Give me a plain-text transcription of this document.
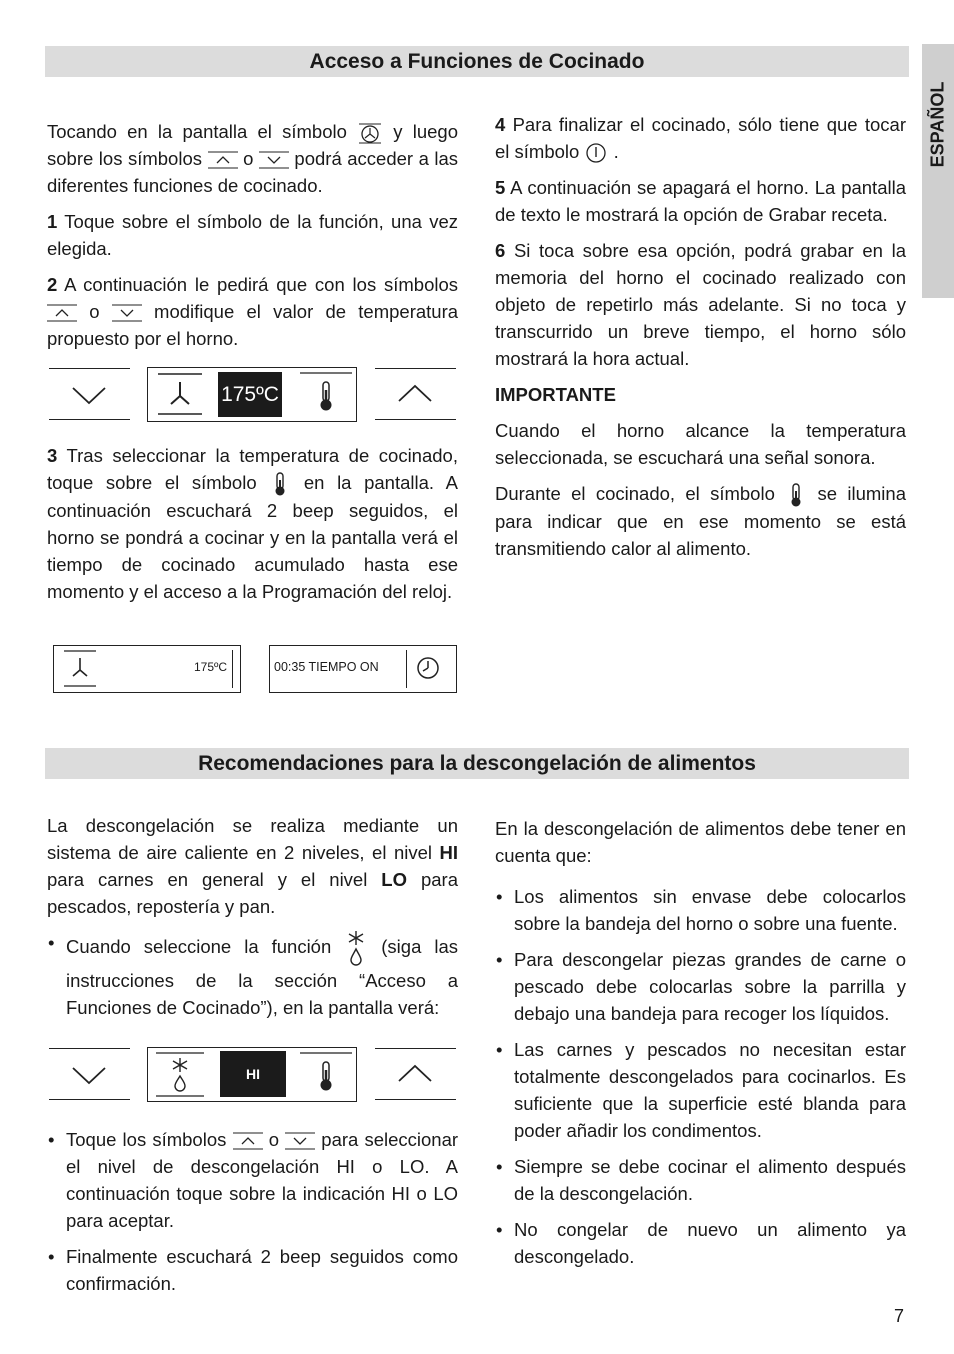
ESPAÑOL
Acceso a Funciones de Cocinado

Tocando en la pantalla el símbolo	y luego sobre los símbolos o podrá acceder a las diferentes funciones de cocinado.

1 Toque sobre el símbolo de la función, una vez elegida.

2 A continuación le pedirá que con los símbolos  o	modifique el valor de temperatura propuesto por el horno.

175ºC

3 Tras seleccionar la temperatura de cocinado, toque sobre el símbolo	en la pantalla. A continuación escuchará 2 beep seguidos, el horno se pondrá a cocinar y en la pantalla verá el tiempo de cocinado acumulado hasta ese momento y el acceso a la Programación del reloj.

175ºC	00:35 TIEMPO ON

4 Para finalizar el cocinado, sólo tiene que tocar el símbolo .

5 A continuación se apagará el horno. La pantalla de texto le mostrará la opción de Grabar receta.

6 Si toca sobre esa opción, podrá grabar en la memoria del horno el cocinado realizado con objeto de repetirlo más adelante. Si no toca y transcurrido un breve tiempo, el horno sólo mostrará la hora actual.

IMPORTANTE

Cuando el horno alcance la temperatura seleccionada, se escuchará una señal sonora.

Durante el cocinado, el símbolo se ilumina para indicar que en ese momento se está transmitiendo calor al alimento.

Recomendaciones para la descongelación de alimentos

La descongelación se realiza mediante un sistema de aire caliente en 2 niveles, el nivel HI para carnes en general y el nivel LO para pescados, repostería y pan.

• Cuando seleccione la función	(siga las instrucciones de la sección “Acceso a Funciones de Cocinado”), en la pantalla verá:
HI
• Toque los símbolos o para seleccionar el nivel de descongelación HI o LO. A continuación toque sobre la indicación HI o LO para aceptar.
• Finalmente escuchará 2 beep seguidos como confirmación.

En la descongelación de alimentos debe tener en cuenta que:

• Los alimentos sin envase debe colocarlos sobre la bandeja del horno o sobre una fuente.
• Para descongelar piezas grandes de carne o pescado debe colocarlas sobre la parrilla y debajo una bandeja para recoger los líquidos.
• Las carnes y pescados no necesitan estar totalmente descongelados para cocinarlos. Es suficiente que la superficie esté blanda para poder añadir los condimentos.
• Siempre se debe cocinar el alimento después de la descongelación.
• No congelar de nuevo un alimento ya descongelado.
7
